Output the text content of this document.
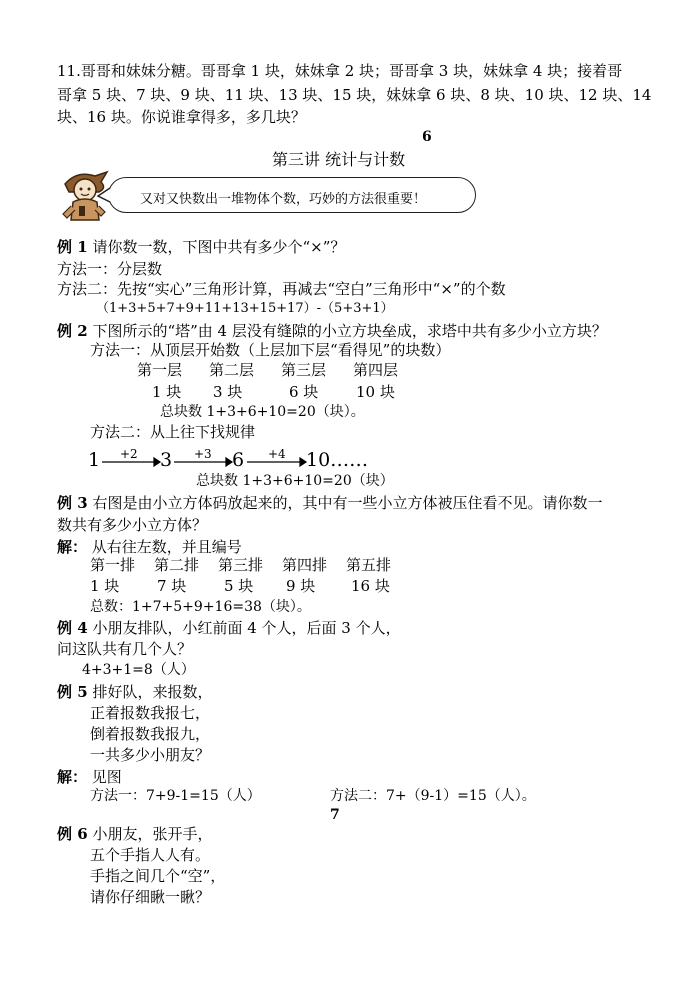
11.哥哥和妹妹分糖。哥哥拿 1 块，妹妹拿 2 块；哥哥拿 3 块，妹妹拿 4 块；接着哥
哥拿 5 块、7 块、9 块、11 块、13 块、15 块，妹妹拿 6 块、8 块、10 块、12 块、14
块、16 块。你说谁拿得多，多几块？
6
第三讲 统计与计数
又对又快数出一堆物体个数，巧妙的方法很重要！
例 1 请你数一数，下图中共有多少个“×”？
方法一：分层数
方法二：先按“实心”三角形计算，再减去“空白”三角形中“×”的个数
（1+3+5+7+9+11+13+15+17）-（5+3+1）
例 2 下图所示的“塔”由 4 层没有缝隙的小立方块垒成，求塔中共有多少小立方块？
方法一：从顶层开始数（上层加下层“看得见”的块数）
第一层 第二层 第三层 第四层
1 块 3 块	6 块	10 块
总块数 1+3+6+10=20（块）。
方法二：从上往下找规律
1	3	6	10……
+2	+3	+4
总块数 1+3+6+10=20（块）
例 3 右图是由小立方体码放起来的，其中有一些小立方体被压住看不见。请你数一
数共有多少小立方体？
解： 从右往左数，并且编号
第一排 第二排 第三排 第四排 第五排
1 块	7 块	5 块 9 块 16 块
总数：1+7+5+9+16=38（块）。
例 4 小朋友排队，小红前面 4 个人，后面 3 个人，
问这队共有几个人？
4+3+1=8（人）
例 5 排好队，来报数，
正着报数我报七，
倒着报数我报九，
一共多少小朋友？
解： 见图
方法一：7+9-1=15（人）	方法二：7+（9-1）=15（人）。
7
例 6 小朋友，张开手，
五个手指人人有。
手指之间几个“空”，
请你仔细瞅一瞅？
